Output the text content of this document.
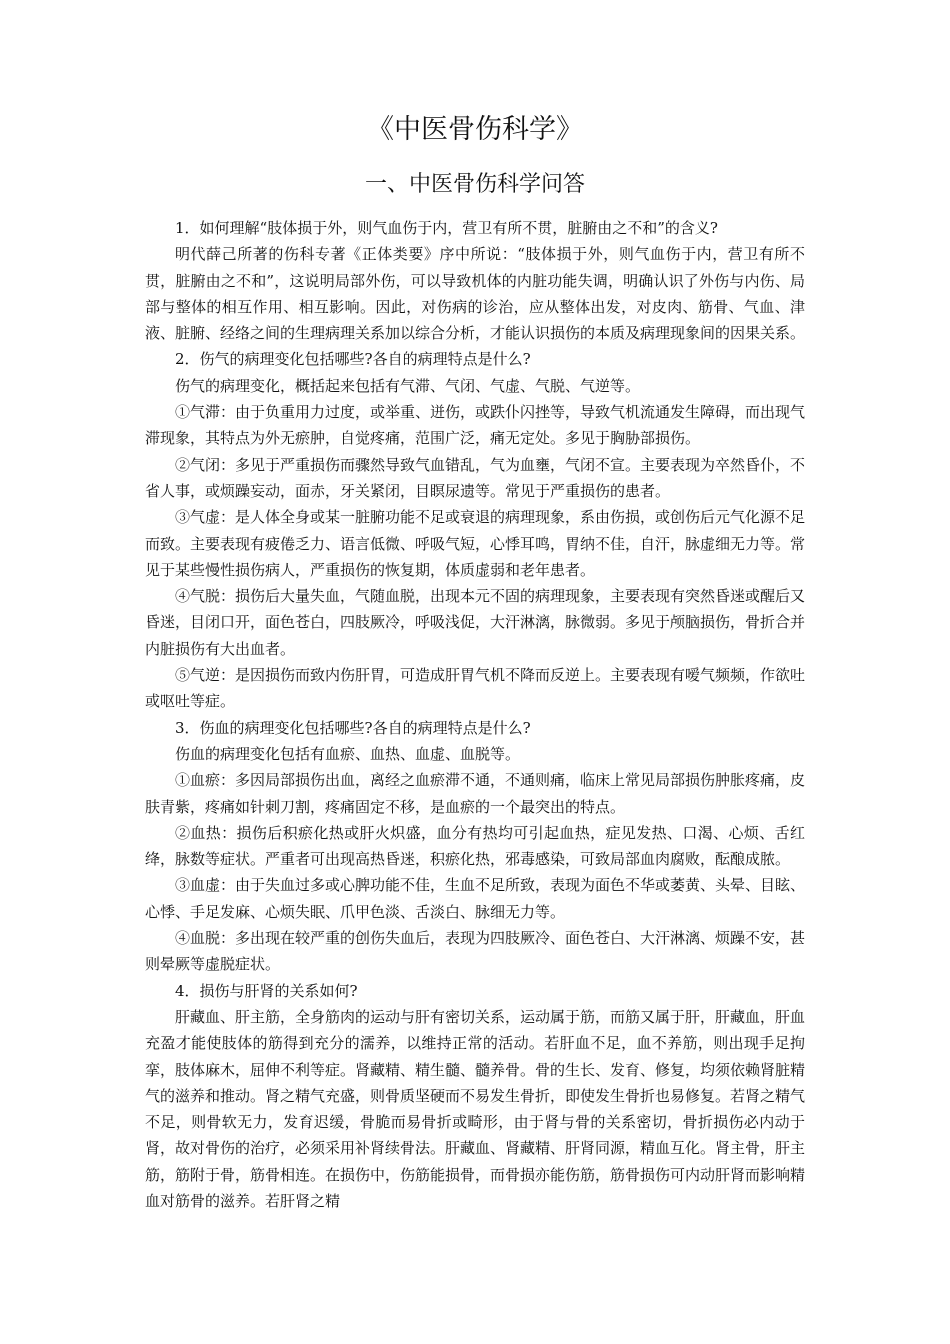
《中医骨伤科学》
一、中医骨伤科学问答

1．如何理解“肢体损于外，则气血伤于内，营卫有所不贯，脏腑由之不和”的含义?

明代薛己所著的伤科专著《正体类要》序中所说：“肢体损于外，则气血伤于内，营卫有所不贯，脏腑由之不和”，这说明局部外伤，可以导致机体的内脏功能失调，明确认识了外伤与内伤、局部与整体的相互作用、相互影响。因此，对伤病的诊治，应从整体出发，对皮肉、筋骨、气血、津液、脏腑、经络之间的生理病理关系加以综合分析，才能认识损伤的本质及病理现象间的因果关系。

2．伤气的病理变化包括哪些?各自的病理特点是什么?

伤气的病理变化，概括起来包括有气滞、气闭、气虚、气脱、气逆等。

①气滞：由于负重用力过度，或举重、迸伤，或跌仆闪挫等，导致气机流通发生障碍，而出现气滞现象，其特点为外无瘀肿，自觉疼痛，范围广泛，痛无定处。多见于胸胁部损伤。

②气闭：多见于严重损伤而骤然导致气血错乱，气为血壅，气闭不宣。主要表现为卒然昏仆，不省人事，或烦躁妄动，面赤，牙关紧闭，目瞑尿遗等。常见于严重损伤的患者。

③气虚：是人体全身或某一脏腑功能不足或衰退的病理现象，系由伤损，或创伤后元气化源不足而致。主要表现有疲倦乏力、语言低微、呼吸气短，心悸耳鸣，胃纳不佳，自汗，脉虚细无力等。常见于某些慢性损伤病人，严重损伤的恢复期，体质虚弱和老年患者。

④气脱：损伤后大量失血，气随血脱，出现本元不固的病理现象，主要表现有突然昏迷或醒后又昏迷，目闭口开，面色苍白，四肢厥冷，呼吸浅促，大汗淋漓，脉微弱。多见于颅脑损伤，骨折合并内脏损伤有大出血者。

⑤气逆：是因损伤而致内伤肝胃，可造成肝胃气机不降而反逆上。主要表现有嗳气频频，作欲吐或呕吐等症。

3．伤血的病理变化包括哪些?各自的病理特点是什么?

伤血的病理变化包括有血瘀、血热、血虚、血脱等。

①血瘀：多因局部损伤出血，离经之血瘀滞不通，不通则痛，临床上常见局部损伤肿胀疼痛，皮肤青紫，疼痛如针刺刀割，疼痛固定不移，是血瘀的一个最突出的特点。

②血热：损伤后积瘀化热或肝火炽盛，血分有热均可引起血热，症见发热、口渴、心烦、舌红绛，脉数等症状。严重者可出现高热昏迷，积瘀化热，邪毒感染，可致局部血肉腐败，酝酿成脓。

③血虚：由于失血过多或心脾功能不佳，生血不足所致，表现为面色不华或萎黄、头晕、目眩、心悸、手足发麻、心烦失眠、爪甲色淡、舌淡白、脉细无力等。

④血脱：多出现在较严重的创伤失血后，表现为四肢厥冷、面色苍白、大汗淋漓、烦躁不安，甚则晕厥等虚脱症状。

4．损伤与肝肾的关系如何?

肝藏血、肝主筋，全身筋肉的运动与肝有密切关系，运动属于筋，而筋又属于肝，肝藏血，肝血充盈才能使肢体的筋得到充分的濡养，以维持正常的活动。若肝血不足，血不养筋，则出现手足拘挛，肢体麻木，屈伸不利等症。肾藏精、精生髓、髓养骨。骨的生长、发育、修复，均须依赖肾脏精气的滋养和推动。肾之精气充盛，则骨质坚硬而不易发生骨折，即使发生骨折也易修复。若肾之精气不足，则骨软无力，发育迟缓，骨脆而易骨折或畸形，由于肾与骨的关系密切，骨折损伤必内动于肾，故对骨伤的治疗，必须采用补肾续骨法。肝藏血、肾藏精、肝肾同源，精血互化。肾主骨，肝主筋，筋附于骨，筋骨相连。在损伤中，伤筋能损骨，而骨损亦能伤筋，筋骨损伤可内动肝肾而影响精血对筋骨的滋养。若肝肾之精
